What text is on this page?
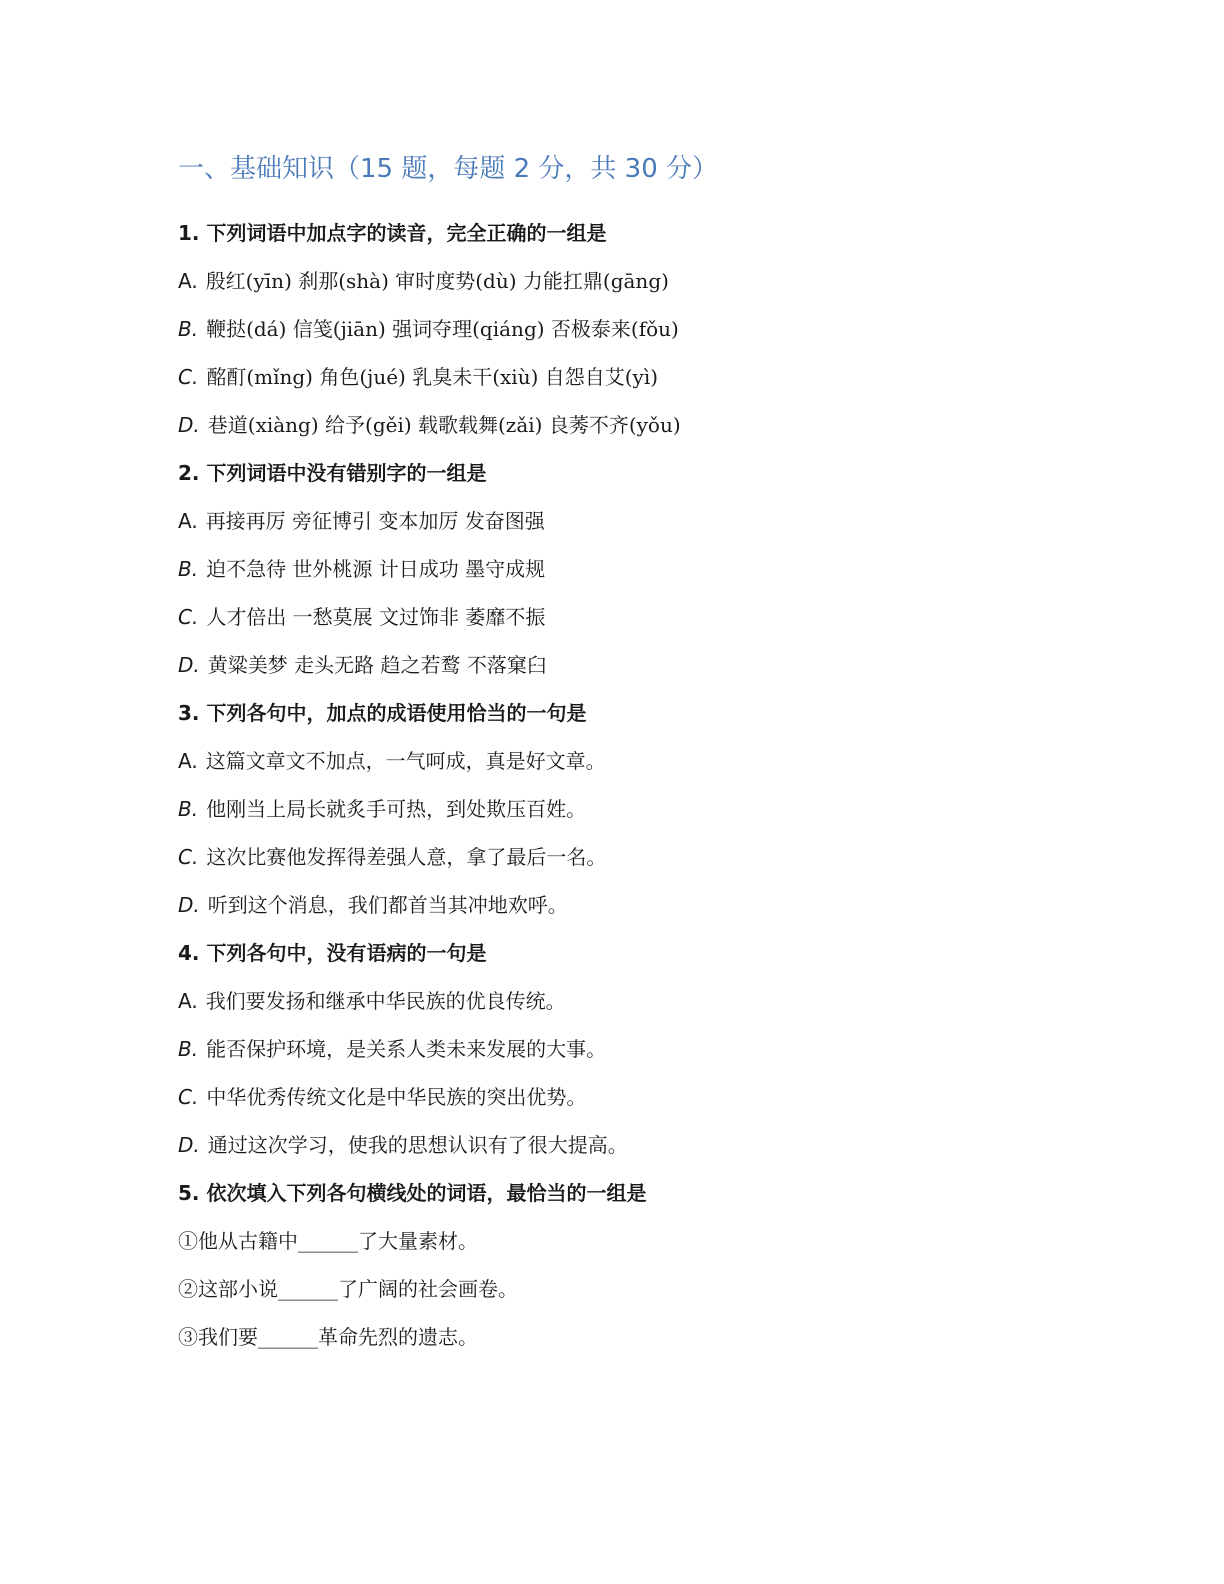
一、基础知识（15 题，每题 2 分，共 30 分）
1. 下列词语中加点字的读音，完全正确的一组是
A. 殷红(yīn) 刹那(shà) 审时度势(dù) 力能扛鼎(gāng)
B. 鞭挞(dá) 信笺(jiān) 强词夺理(qiáng) 否极泰来(fǒu)
C. 酩酊(mǐng) 角色(jué) 乳臭未干(xiù) 自怨自艾(yì)
D. 巷道(xiàng) 给予(gěi) 载歌载舞(zǎi) 良莠不齐(yǒu)
2. 下列词语中没有错别字的一组是
A. 再接再厉 旁征博引 变本加厉 发奋图强
B. 迫不急待 世外桃源 计日成功 墨守成规
C. 人才倍出 一愁莫展 文过饰非 萎靡不振
D. 黄粱美梦 走头无路 趋之若鹜 不落窠臼
3. 下列各句中，加点的成语使用恰当的一句是
A. 这篇文章文不加点，一气呵成，真是好文章。
B. 他刚当上局长就炙手可热，到处欺压百姓。
C. 这次比赛他发挥得差强人意，拿了最后一名。
D. 听到这个消息，我们都首当其冲地欢呼。
4. 下列各句中，没有语病的一句是
A. 我们要发扬和继承中华民族的优良传统。
B. 能否保护环境，是关系人类未来发展的大事。
C. 中华优秀传统文化是中华民族的突出优势。
D. 通过这次学习，使我的思想认识有了很大提高。
5. 依次填入下列各句横线处的词语，最恰当的一组是
①他从古籍中______了大量素材。
②这部小说______了广阔的社会画卷。
③我们要______革命先烈的遗志。
